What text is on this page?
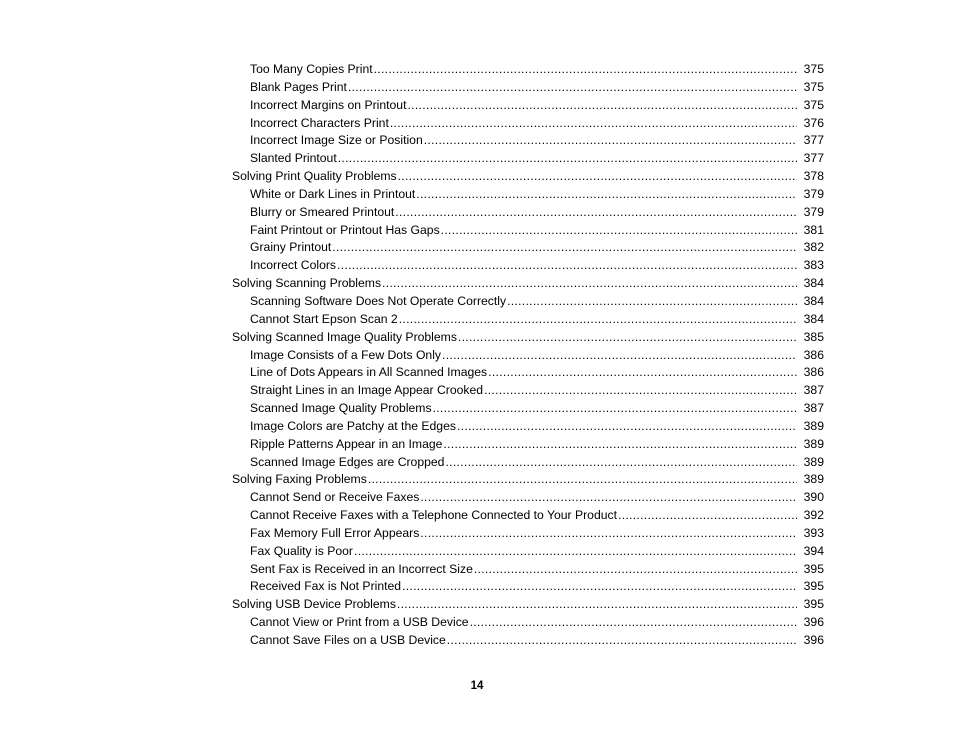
Too Many Copies Print .....	375
Blank Pages Print .....	375
Incorrect Margins on Printout .....	375
Incorrect Characters Print .....	376
Incorrect Image Size or Position .....	377
Slanted Printout .....	377
Solving Print Quality Problems .....	378
White or Dark Lines in Printout .....	379
Blurry or Smeared Printout .....	379
Faint Printout or Printout Has Gaps .....	381
Grainy Printout .....	382
Incorrect Colors .....	383
Solving Scanning Problems .....	384
Scanning Software Does Not Operate Correctly .....	384
Cannot Start Epson Scan 2 .....	384
Solving Scanned Image Quality Problems .....	385
Image Consists of a Few Dots Only .....	386
Line of Dots Appears in All Scanned Images .....	386
Straight Lines in an Image Appear Crooked .....	387
Scanned Image Quality Problems .....	387
Image Colors are Patchy at the Edges .....	389
Ripple Patterns Appear in an Image .....	389
Scanned Image Edges are Cropped .....	389
Solving Faxing Problems .....	389
Cannot Send or Receive Faxes .....	390
Cannot Receive Faxes with a Telephone Connected to Your Product .....	392
Fax Memory Full Error Appears .....	393
Fax Quality is Poor .....	394
Sent Fax is Received in an Incorrect Size .....	395
Received Fax is Not Printed .....	395
Solving USB Device Problems .....	395
Cannot View or Print from a USB Device .....	396
Cannot Save Files on a USB Device .....	396
14
